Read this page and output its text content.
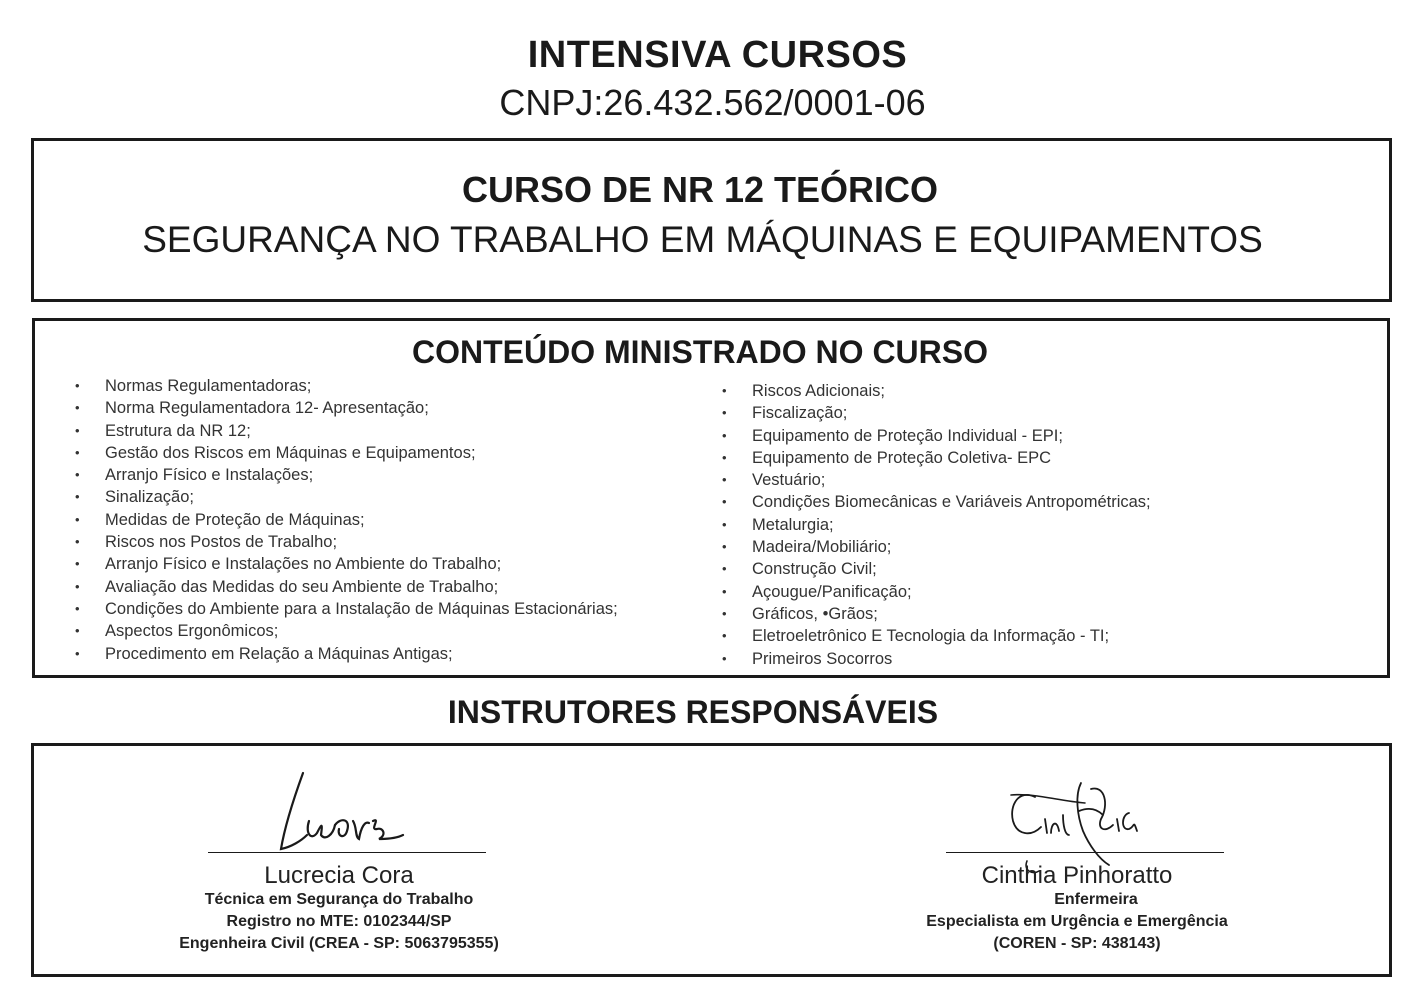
INTENSIVA CURSOS
CNPJ:26.432.562/0001-06
CURSO DE NR 12 TEÓRICO
SEGURANÇA NO TRABALHO EM MÁQUINAS E EQUIPAMENTOS
CONTEÚDO MINISTRADO NO CURSO
• Normas Regulamentadoras;
• Norma Regulamentadora 12- Apresentação;
• Estrutura da NR 12;
• Gestão dos Riscos em Máquinas e Equipamentos;
• Arranjo Físico e Instalações;
• Sinalização;
• Medidas de Proteção de Máquinas;
• Riscos nos Postos de Trabalho;
• Arranjo Físico e Instalações no Ambiente do Trabalho;
• Avaliação das Medidas do seu Ambiente de Trabalho;
• Condições do Ambiente para a Instalação de Máquinas Estacionárias;
• Aspectos Ergonômicos;
• Procedimento em Relação a Máquinas Antigas;
• Riscos Adicionais;
• Fiscalização;
• Equipamento de Proteção Individual - EPI;
• Equipamento de Proteção Coletiva- EPC
• Vestuário;
• Condições Biomecânicas e Variáveis Antropométricas;
• Metalurgia;
• Madeira/Mobiliário;
• Construção Civil;
• Açougue/Panificação;
• Gráficos, •Grãos;
• Eletroeletrônico E Tecnologia da Informação - TI;
• Primeiros Socorros
INSTRUTORES RESPONSÁVEIS
Lucrecia Cora
Técnica em Segurança do Trabalho
Registro no MTE: 0102344/SP
Engenheira Civil (CREA - SP: 5063795355)
Cinthia Pinhoratto
Enfermeira
Especialista em Urgência e Emergência
(COREN - SP: 438143)
